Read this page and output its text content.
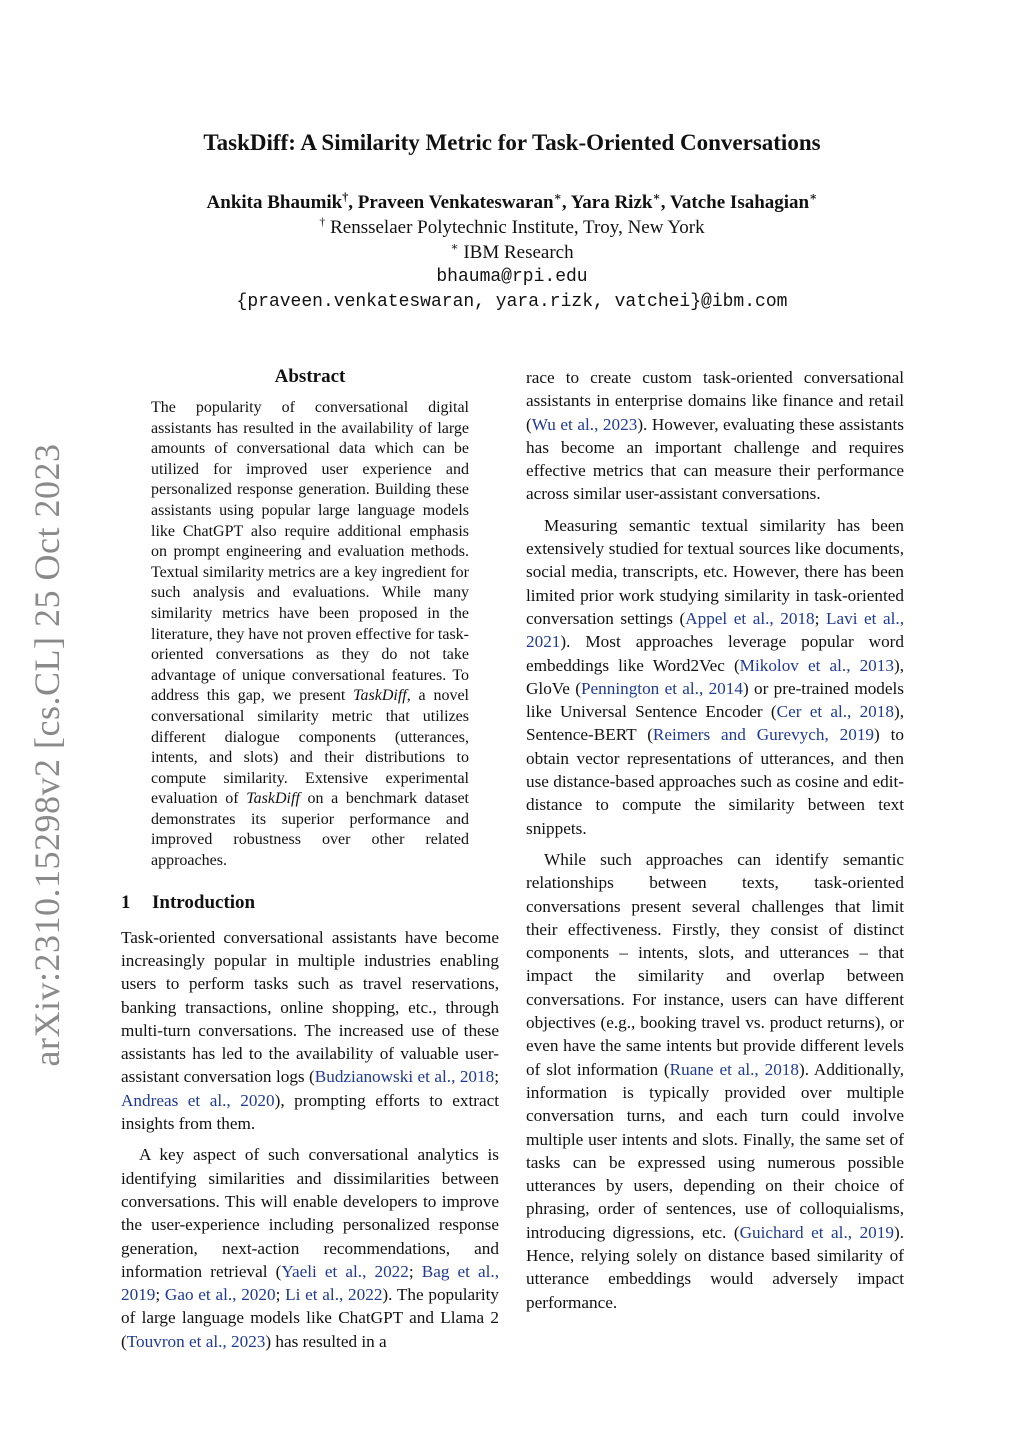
arXiv:2310.15298v2 [cs.CL] 25 Oct 2023
TaskDiff: A Similarity Metric for Task-Oriented Conversations
Ankita Bhaumik†, Praveen Venkateswaran∗, Yara Rizk∗, Vatche Isahagian∗
† Rensselaer Polytechnic Institute, Troy, New York
∗ IBM Research
bhauma@rpi.edu
{praveen.venkateswaran, yara.rizk, vatchei}@ibm.com
Abstract
The popularity of conversational digital assistants has resulted in the availability of large amounts of conversational data which can be utilized for improved user experience and personalized response generation. Building these assistants using popular large language models like ChatGPT also require additional emphasis on prompt engineering and evaluation methods. Textual similarity metrics are a key ingredient for such analysis and evaluations. While many similarity metrics have been proposed in the literature, they have not proven effective for task-oriented conversations as they do not take advantage of unique conversational features. To address this gap, we present TaskDiff, a novel conversational similarity metric that utilizes different dialogue components (utterances, intents, and slots) and their distributions to compute similarity. Extensive experimental evaluation of TaskDiff on a benchmark dataset demonstrates its superior performance and improved robustness over other related approaches.
1 Introduction

Task-oriented conversational assistants have become increasingly popular in multiple industries enabling users to perform tasks such as travel reservations, banking transactions, online shopping, etc., through multi-turn conversations. The increased use of these assistants has led to the availability of valuable user-assistant conversation logs (Budzianowski et al., 2018; Andreas et al., 2020), prompting efforts to extract insights from them.

A key aspect of such conversational analytics is identifying similarities and dissimilarities between conversations. This will enable developers to improve the user-experience including personalized response generation, next-action recommendations, and information retrieval (Yaeli et al., 2022; Bag et al., 2019; Gao et al., 2020; Li et al., 2022). The popularity of large language models like ChatGPT and Llama 2 (Touvron et al., 2023) has resulted in a

race to create custom task-oriented conversational assistants in enterprise domains like finance and retail (Wu et al., 2023). However, evaluating these assistants has become an important challenge and requires effective metrics that can measure their performance across similar user-assistant conversations.

Measuring semantic textual similarity has been extensively studied for textual sources like documents, social media, transcripts, etc. However, there has been limited prior work studying similarity in task-oriented conversation settings (Appel et al., 2018; Lavi et al., 2021). Most approaches leverage popular word embeddings like Word2Vec (Mikolov et al., 2013), GloVe (Pennington et al., 2014) or pre-trained models like Universal Sentence Encoder (Cer et al., 2018), Sentence-BERT (Reimers and Gurevych, 2019) to obtain vector representations of utterances, and then use distance-based approaches such as cosine and edit-distance to compute the similarity between text snippets.

While such approaches can identify semantic relationships between texts, task-oriented conversations present several challenges that limit their effectiveness. Firstly, they consist of distinct components – intents, slots, and utterances – that impact the similarity and overlap between conversations. For instance, users can have different objectives (e.g., booking travel vs. product returns), or even have the same intents but provide different levels of slot information (Ruane et al., 2018). Additionally, information is typically provided over multiple conversation turns, and each turn could involve multiple user intents and slots. Finally, the same set of tasks can be expressed using numerous possible utterances by users, depending on their choice of phrasing, order of sentences, use of colloquialisms, introducing digressions, etc. (Guichard et al., 2019). Hence, relying solely on distance based similarity of utterance embeddings would adversely impact performance.
